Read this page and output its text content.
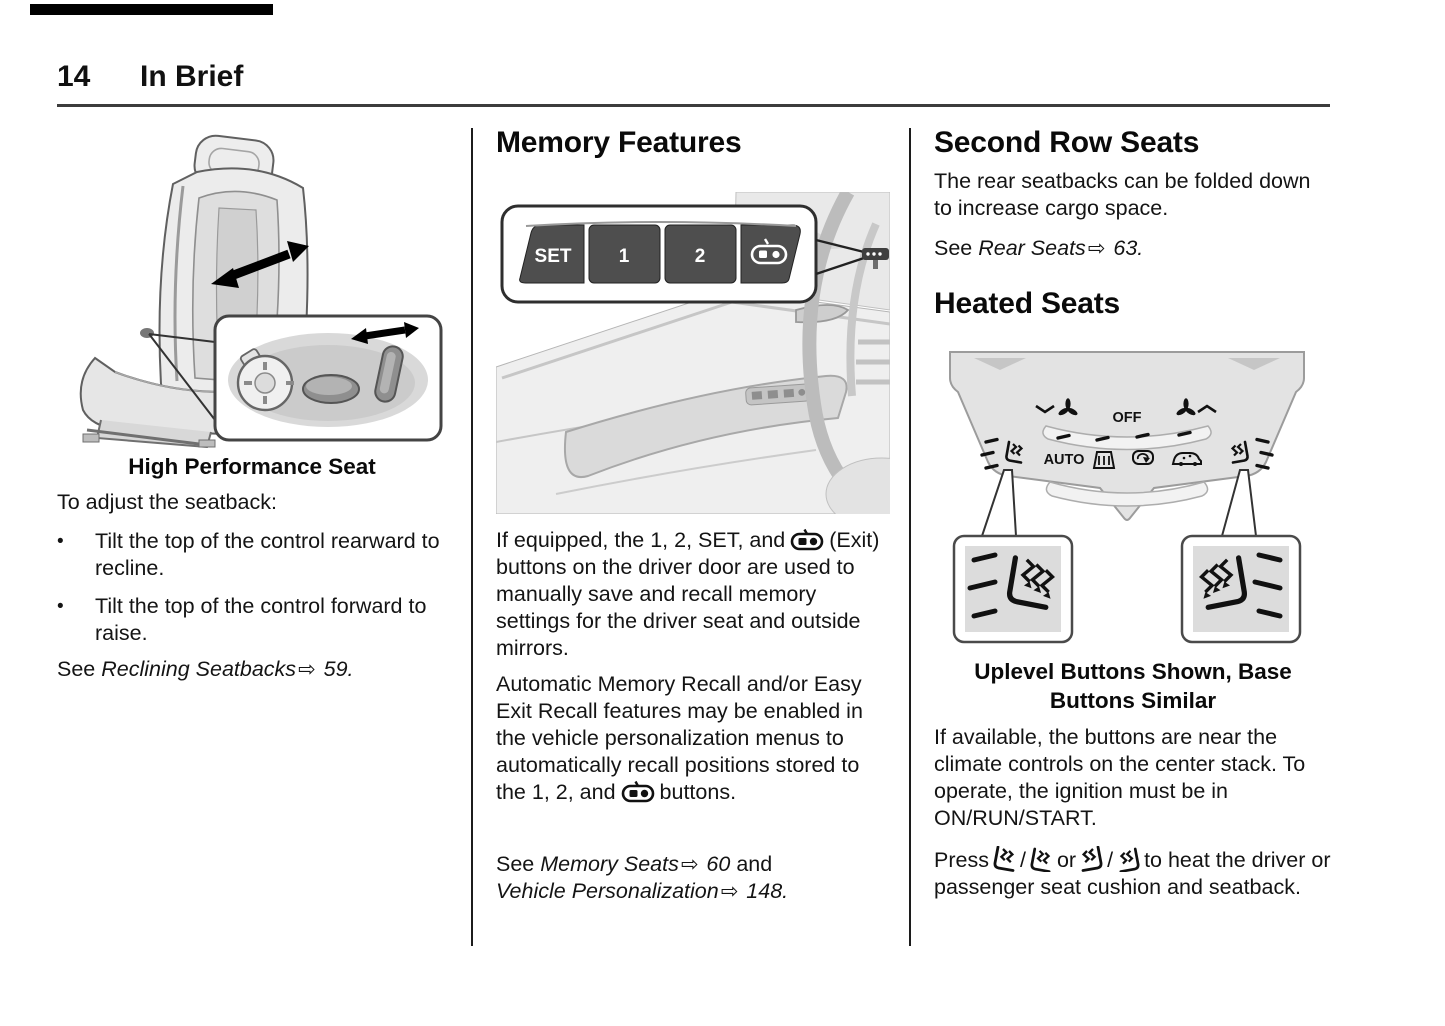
14 In Brief
High Performance Seat
To adjust the seatback:
•	Tilt the top of the control rearward to recline.
•	Tilt the top of the control forward to raise.
See Reclining Seatbacks⇨ 59.
Memory Features
SET 1	2
If equipped, the 1, 2, SET, and (Exit) buttons on the driver door are used to manually save and recall memory settings for the driver seat and outside mirrors.
Automatic Memory Recall and/or Easy Exit Recall features may be enabled in the vehicle personalization menus to automatically recall positions stored to the 1, 2, and buttons.
See Memory Seats⇨ 60 and
Vehicle Personalization⇨ 148.
Second Row Seats
The rear seatbacks can be folded down to increase cargo space.
See Rear Seats⇨ 63.
Heated Seats
OFF
AUTO
Uplevel Buttons Shown, Base Buttons Similar
If available, the buttons are near the climate controls on the center stack. To operate, the ignition must be in ON/RUN/START.
Press / or / to heat the driver or passenger seat cushion and seatback.
